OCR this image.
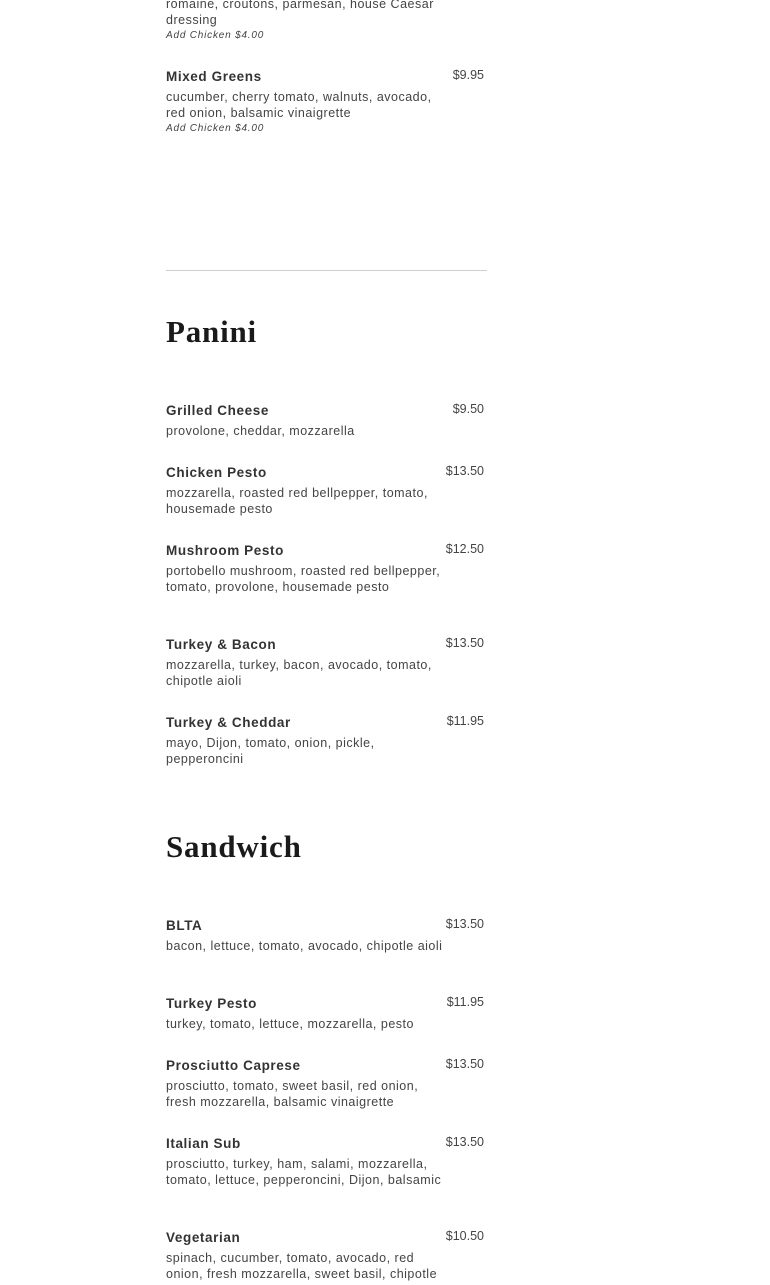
romaine, croutons, parmesan, house Caesar dressing
Add Chicken $4.00
Mixed Greens	$9.95
cucumber, cherry tomato, walnuts, avocado, red onion, balsamic vinaigrette
Add Chicken $4.00
Panini
Grilled Cheese	$9.50
provolone, cheddar, mozzarella
Chicken Pesto	$13.50
mozzarella, roasted red bellpepper, tomato, housemade pesto
Mushroom Pesto	$12.50
portobello mushroom, roasted red bellpepper, tomato, provolone, housemade pesto
Turkey & Bacon	$13.50
mozzarella, turkey, bacon, avocado, tomato, chipotle aioli
Turkey & Cheddar	$11.95
mayo, Dijon, tomato, onion, pickle, pepperoncini
Sandwich
BLTA	$13.50
bacon, lettuce, tomato, avocado, chipotle aioli
Turkey Pesto	$11.95
turkey, tomato, lettuce, mozzarella, pesto
Prosciutto Caprese	$13.50
prosciutto, tomato, sweet basil, red onion, fresh mozzarella, balsamic vinaigrette
Italian Sub	$13.50
prosciutto, turkey, ham, salami, mozzarella, tomato, lettuce, pepperoncini, Dijon, balsamic
Vegetarian	$10.50
spinach, cucumber, tomato, avocado, red onion, fresh mozzarella, sweet basil, chipotle
